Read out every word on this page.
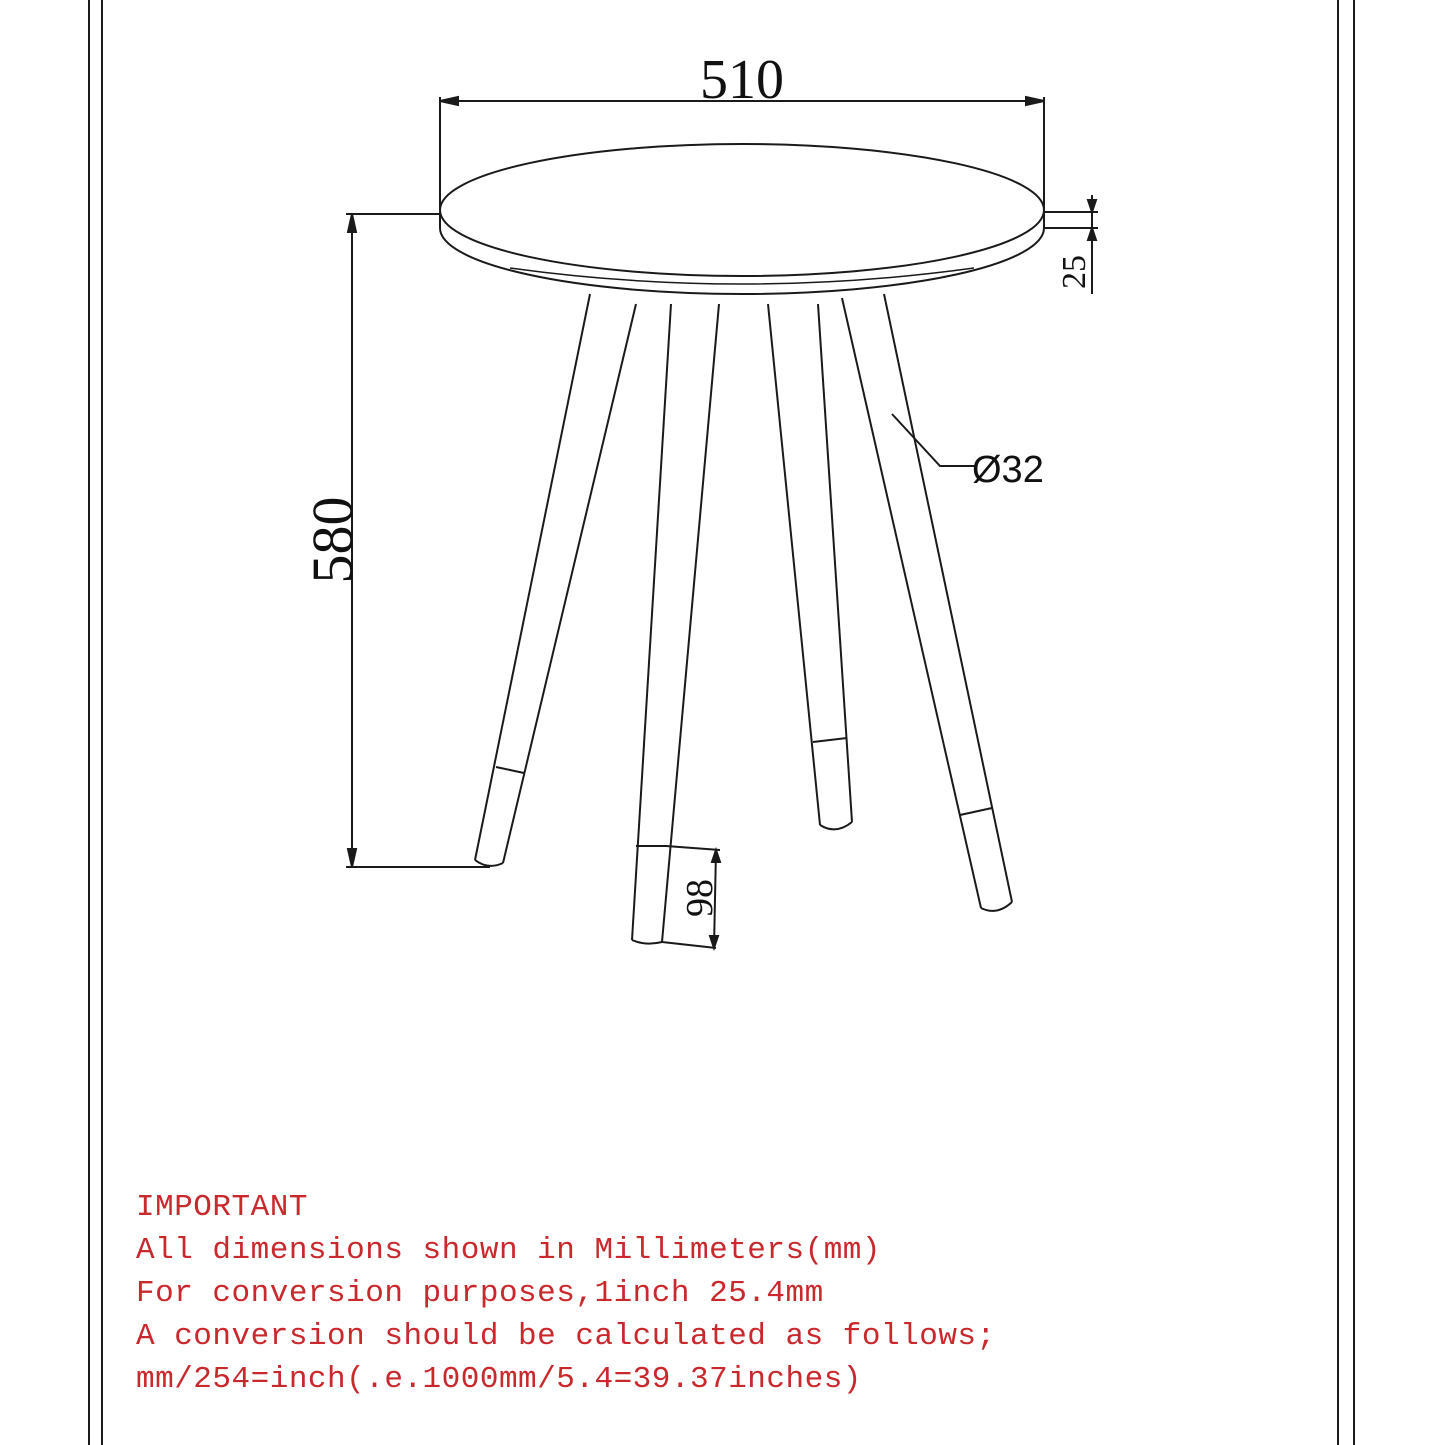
510
25
580
Ø32
98
IMPORTANT
All dimensions shown in Millimeters(mm)
For conversion purposes,1inch 25.4mm
A conversion should be calculated as follows;
mm/254=inch(.e.1000mm/5.4=39.37inches)
